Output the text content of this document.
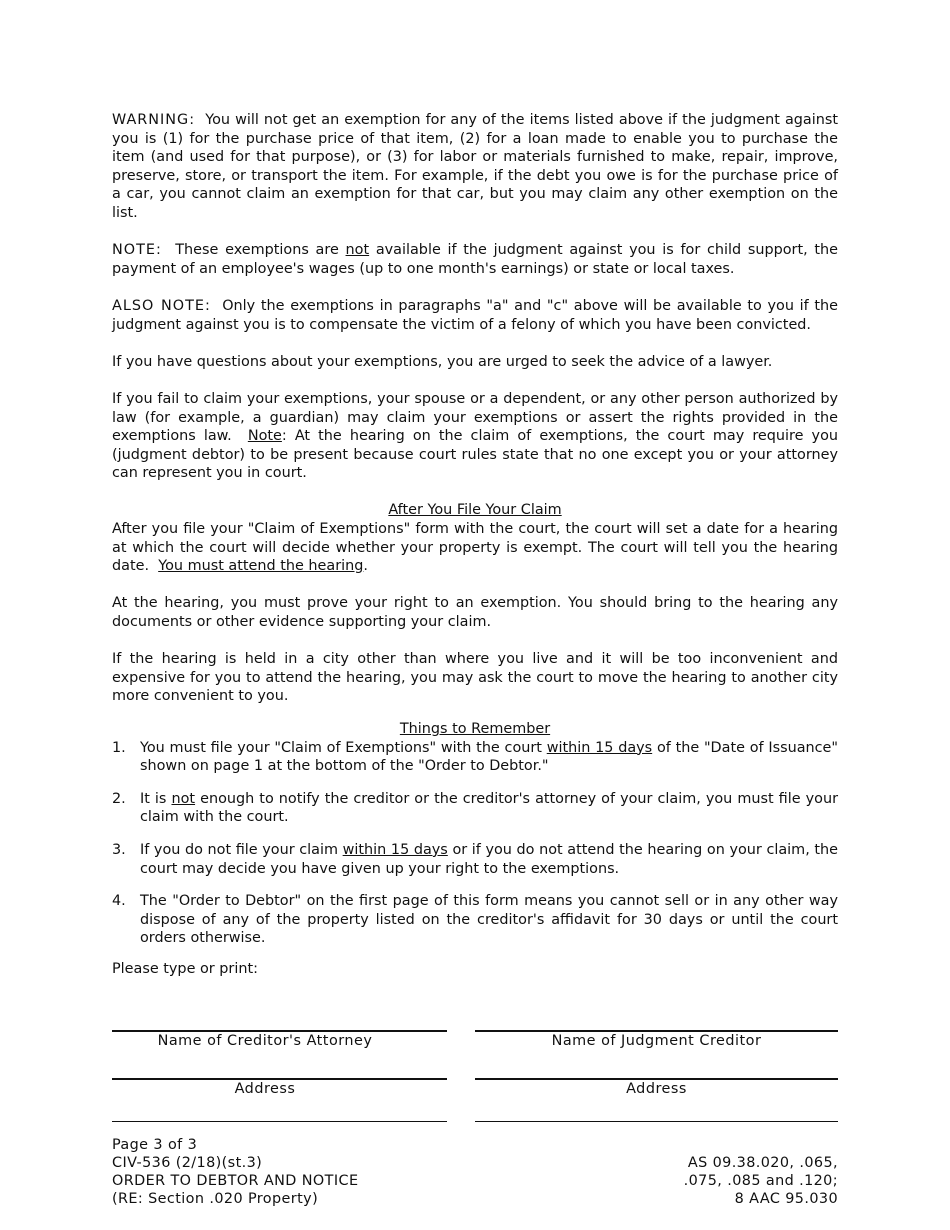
WARNING: You will not get an exemption for any of the items listed above if the judgment against you is (1) for the purchase price of that item, (2) for a loan made to enable you to purchase the item (and used for that purpose), or (3) for labor or materials furnished to make, repair, improve, preserve, store, or transport the item. For example, if the debt you owe is for the purchase price of a car, you cannot claim an exemption for that car, but you may claim any other exemption on the list.

NOTE: These exemptions are not available if the judgment against you is for child support, the payment of an employee's wages (up to one month's earnings) or state or local taxes.

ALSO NOTE: Only the exemptions in paragraphs "a" and "c" above will be available to you if the judgment against you is to compensate the victim of a felony of which you have been convicted.

If you have questions about your exemptions, you are urged to seek the advice of a lawyer.

If you fail to claim your exemptions, your spouse or a dependent, or any other person authorized by law (for example, a guardian) may claim your exemptions or assert the rights provided in the exemptions law. Note: At the hearing on the claim of exemptions, the court may require you (judgment debtor) to be present because court rules state that no one except you or your attorney can represent you in court.

After You File Your Claim

After you file your "Claim of Exemptions" form with the court, the court will set a date for a hearing at which the court will decide whether your property is exempt. The court will tell you the hearing date. You must attend the hearing.

At the hearing, you must prove your right to an exemption. You should bring to the hearing any documents or other evidence supporting your claim.

If the hearing is held in a city other than where you live and it will be too inconvenient and expensive for you to attend the hearing, you may ask the court to move the hearing to another city more convenient to you.

Things to Remember
1. You must file your "Claim of Exemptions" with the court within 15 days of the "Date of Issuance" shown on page 1 at the bottom of the "Order to Debtor."
2. It is not enough to notify the creditor or the creditor's attorney of your claim, you must file your claim with the court.
3. If you do not file your claim within 15 days or if you do not attend the hearing on your claim, the court may decide you have given up your right to the exemptions.
4. The "Order to Debtor" on the first page of this form means you cannot sell or in any other way dispose of any of the property listed on the creditor's affidavit for 30 days or until the court orders otherwise.
Please type or print:
Name of Creditor's Attorney	Name of Judgment Creditor
Address	Address
Page 3 of 3
CIV-536 (2/18)(st.3)
ORDER TO DEBTOR AND NOTICE
(RE: Section .020 Property)
AS 09.38.020, .065,
.075, .085 and .120;
8 AAC 95.030
